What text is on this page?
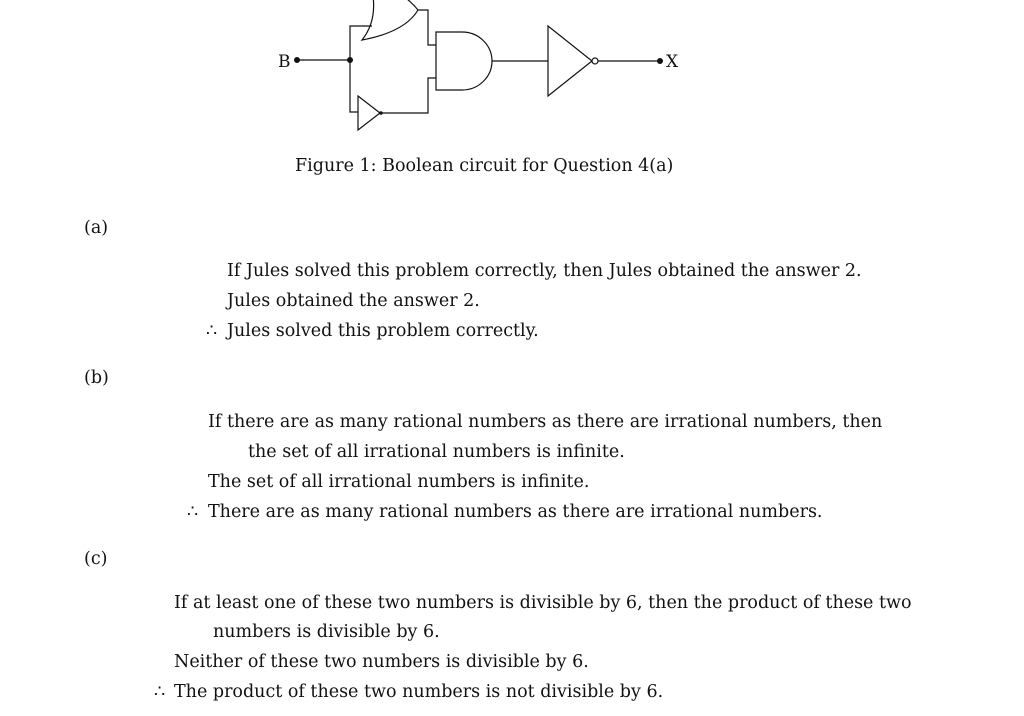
B	X
Figure 1: Boolean circuit for Question 4(a)
(a)
If Jules solved this problem correctly, then Jules obtained the answer 2.
Jules obtained the answer 2.
∴ Jules solved this problem correctly.
(b)
If there are as many rational numbers as there are irrational numbers, then
the set of all irrational numbers is infinite.
The set of all irrational numbers is infinite.
∴ There are as many rational numbers as there are irrational numbers.
(c)
If at least one of these two numbers is divisible by 6, then the product of these two
numbers is divisible by 6.
Neither of these two numbers is divisible by 6.
∴ The product of these two numbers is not divisible by 6.
